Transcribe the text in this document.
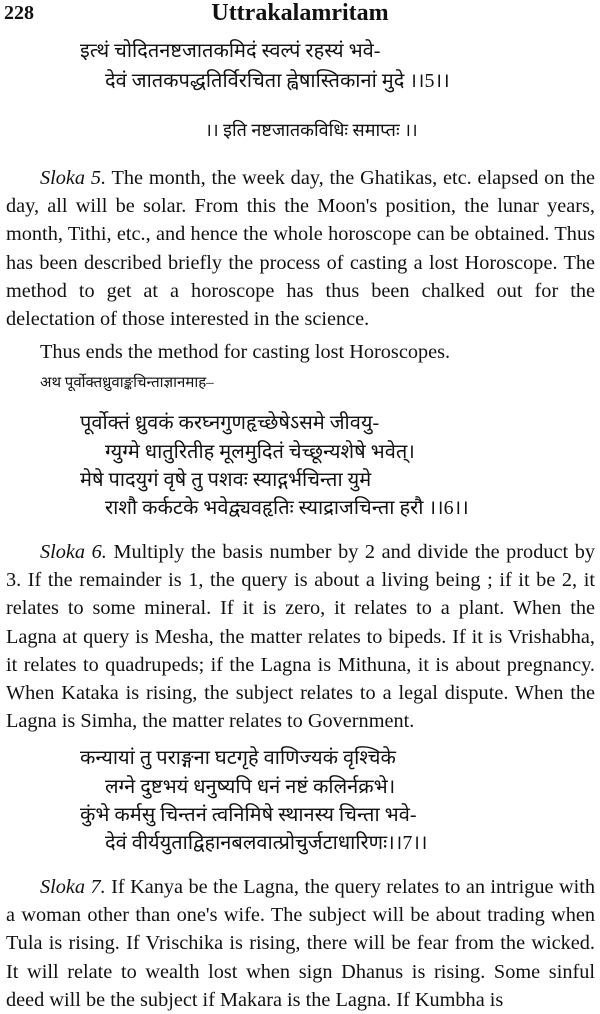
228	Uttrakalamritam
इत्थं चोदितनष्टजातकमिदं स्वल्पं रहस्यं भवे-
देवं जातकपद्धतिर्विरचिता ह्वेषास्तिकानां मुदे ।।5।।
।। इति नष्टजातकविधिः समाप्तः ।।
Sloka 5. The month, the week day, the Ghatikas, etc. elapsed on the day, all will be solar. From this the Moon's position, the lunar years, month, Tithi, etc., and hence the whole horoscope can be obtained. Thus has been described briefly the process of casting a lost Horoscope. The method to get at a horoscope has thus been chalked out for the delectation of those interested in the science.
Thus ends the method for casting lost Horoscopes.
अथ पूर्वोक्तध्रुवाङ्कचिन्ताज्ञानमाह–
पूर्वोक्तं ध्रुवकं करघ्नगुणहृच्छेषेऽसमे जीवयु-
ग्युग्मे धातुरितीह मूलमुदितं चेच्छून्यशेषे भवेत्।
मेषे पादयुगं वृषे तु पशवः स्याद्गर्भचिन्ता युमे
राशौ कर्कटके भवेद्व्यवहृतिः स्याद्राजचिन्ता हरौ ।।6।।
Sloka 6. Multiply the basis number by 2 and divide the product by 3. If the remainder is 1, the query is about a living being ; if it be 2, it relates to some mineral. If it is zero, it relates to a plant. When the Lagna at query is Mesha, the matter relates to bipeds. If it is Vrishabha, it relates to quadrupeds; if the Lagna is Mithuna, it is about pregnancy. When Kataka is rising, the subject relates to a legal dispute. When the Lagna is Simha, the matter relates to Government.
कन्यायां तु पराङ्गना घटगृहे वाणिज्यकं वृश्चिके
लग्ने दुष्टभयं धनुष्यपि धनं नष्टं कलिर्नक्रभे।
कुंभे कर्मसु चिन्तनं त्वनिमिषे स्थानस्य चिन्ता भवे-
देवं वीर्ययुताद्विहानबलवात्प्रोचुर्जटाधारिणः।।7।।
Sloka 7. If Kanya be the Lagna, the query relates to an intrigue with a woman other than one's wife. The subject will be about trading when Tula is rising. If Vrischika is rising, there will be fear from the wicked. It will relate to wealth lost when sign Dhanus is rising. Some sinful deed will be the subject if Makara is the Lagna. If Kumbha is
